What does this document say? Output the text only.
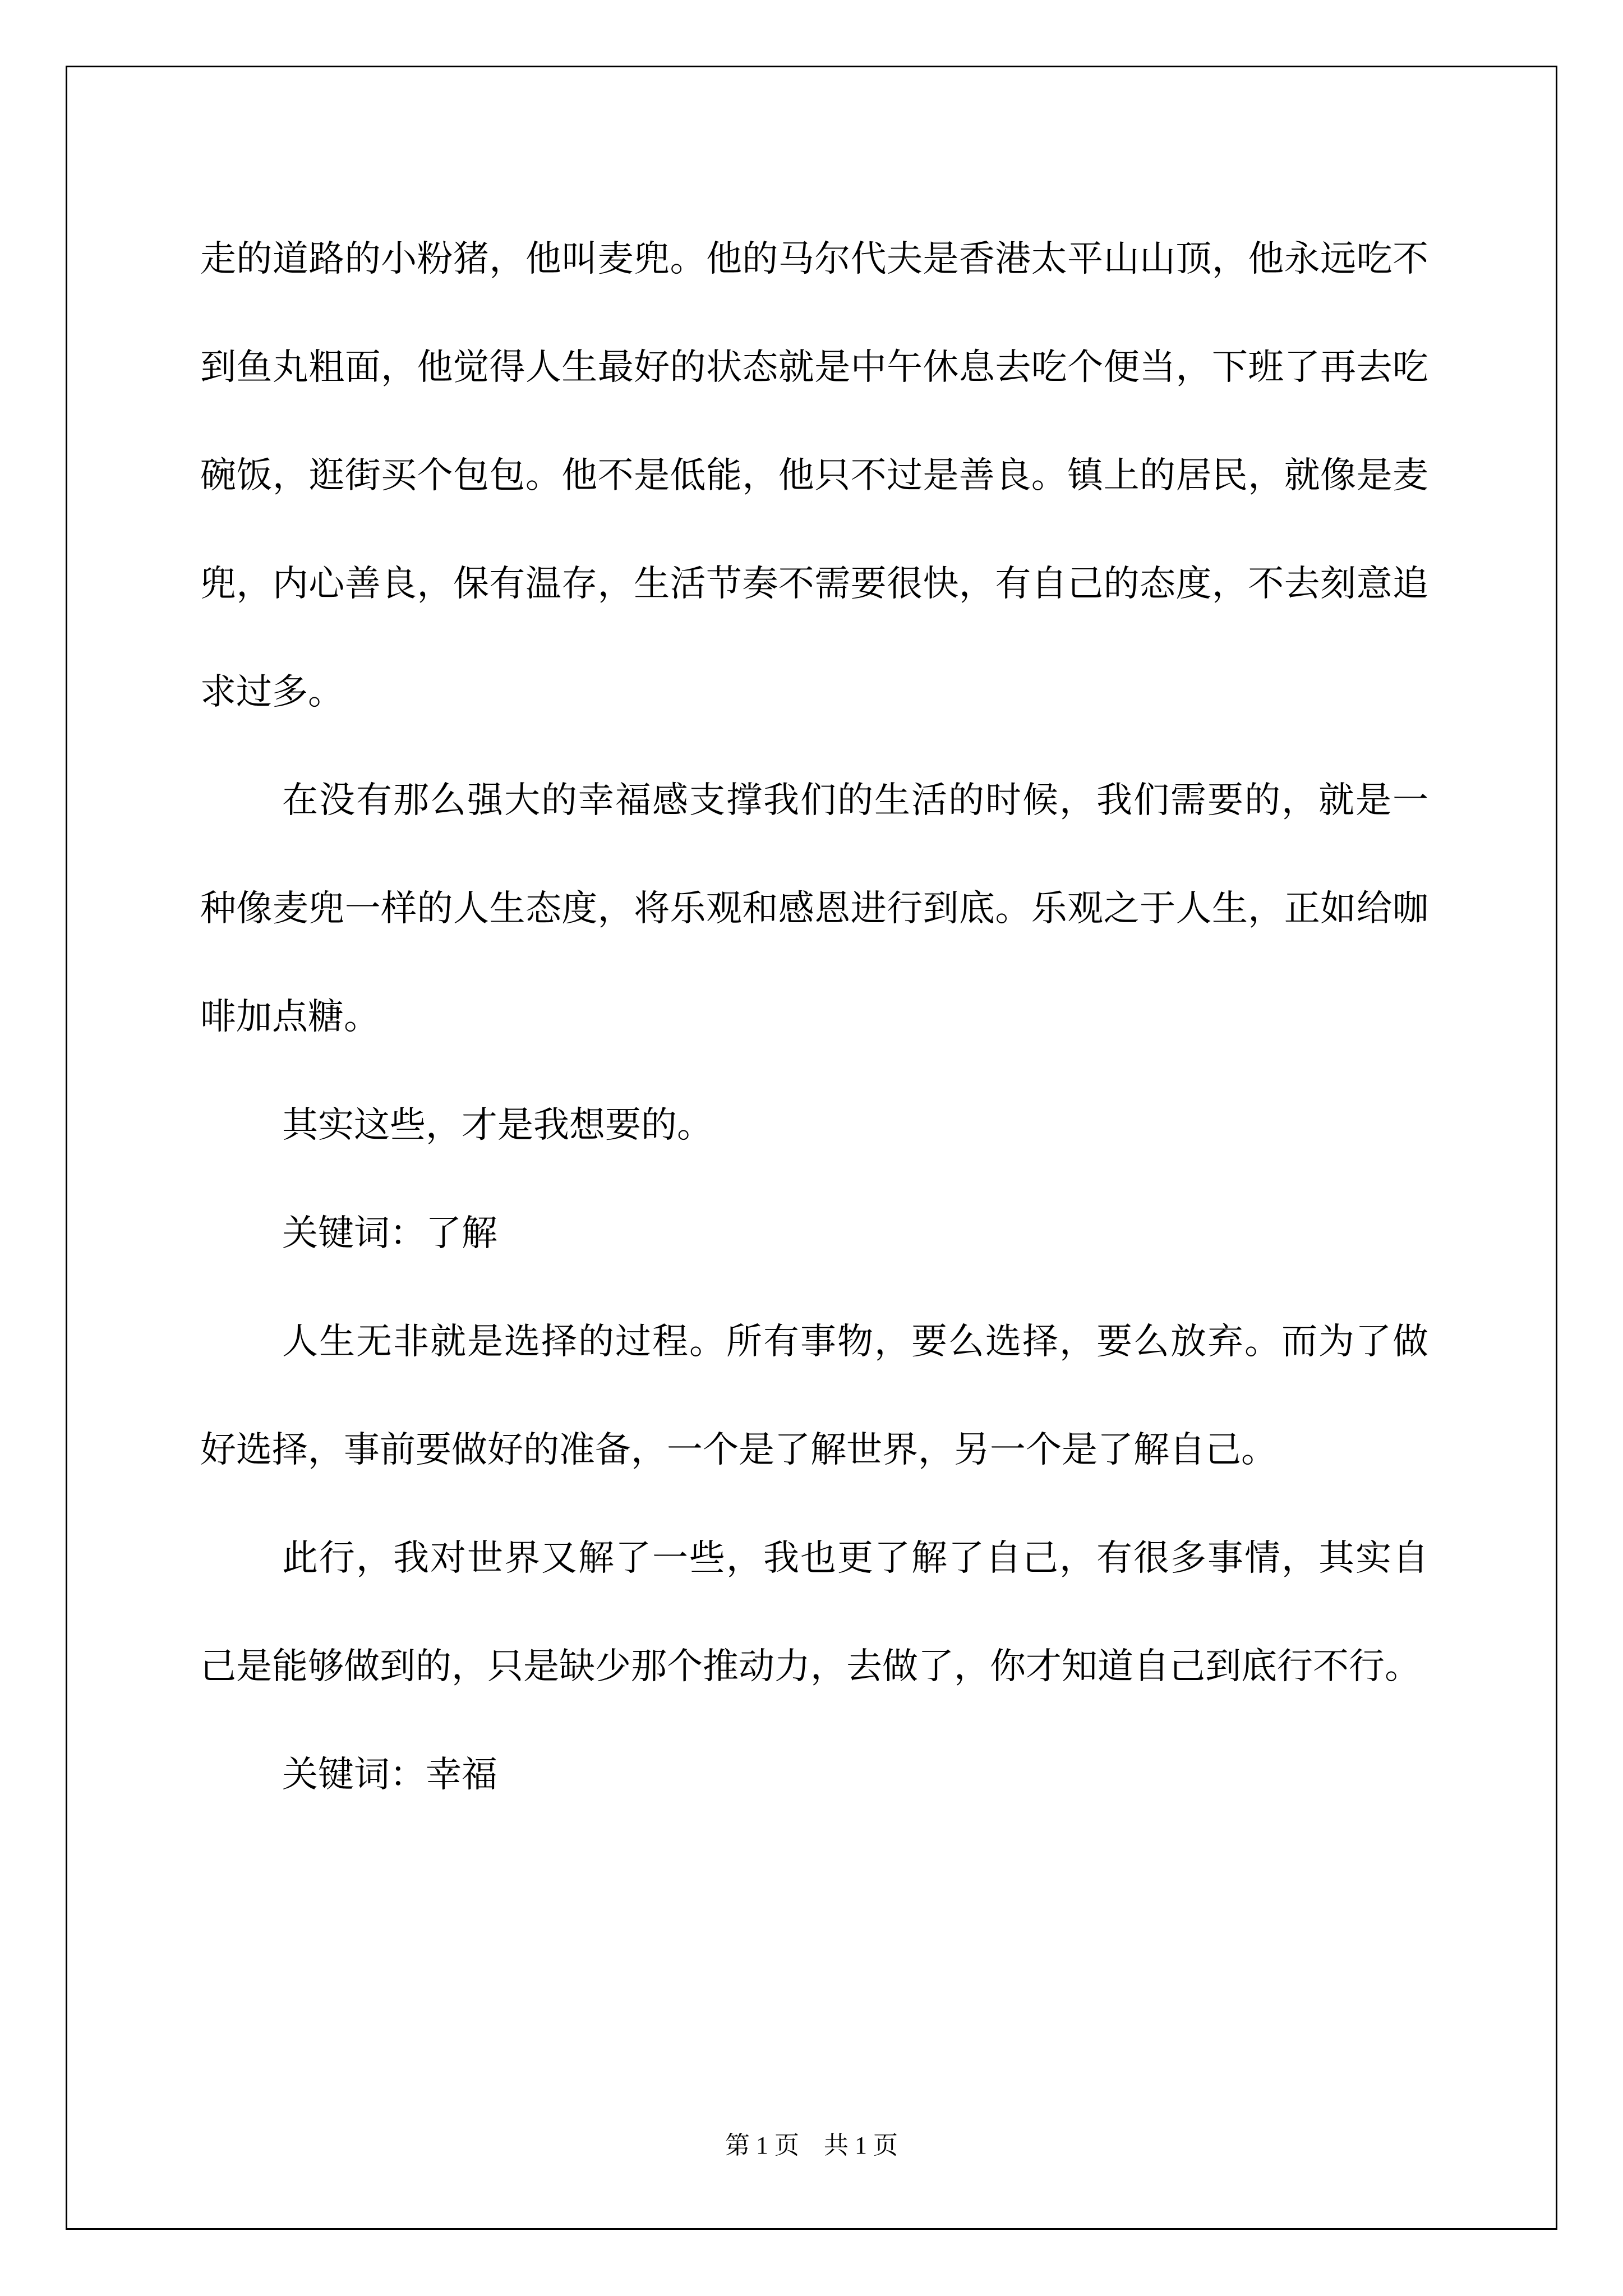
走的道路的小粉猪，他叫麦兜。他的马尔代夫是香港太平山山顶，他永远吃不到鱼丸粗面，他觉得人生最好的状态就是中午休息去吃个便当，下班了再去吃碗饭，逛街买个包包。他不是低能，他只不过是善良。镇上的居民，就像是麦兜，内心善良，保有温存，生活节奏不需要很快，有自己的态度，不去刻意追求过多。

在没有那么强大的幸福感支撑我们的生活的时候，我们需要的，就是一种像麦兜一样的人生态度，将乐观和感恩进行到底。乐观之于人生，正如给咖啡加点糖。

其实这些，才是我想要的。

关键词：了解

人生无非就是选择的过程。所有事物，要么选择，要么放弃。而为了做好选择，事前要做好的准备，一个是了解世界，另一个是了解自己。

此行，我对世界又解了一些，我也更了解了自己，有很多事情，其实自己是能够做到的，只是缺少那个推动力，去做了，你才知道自己到底行不行。

关键词：幸福

第 1 页　共 1 页
